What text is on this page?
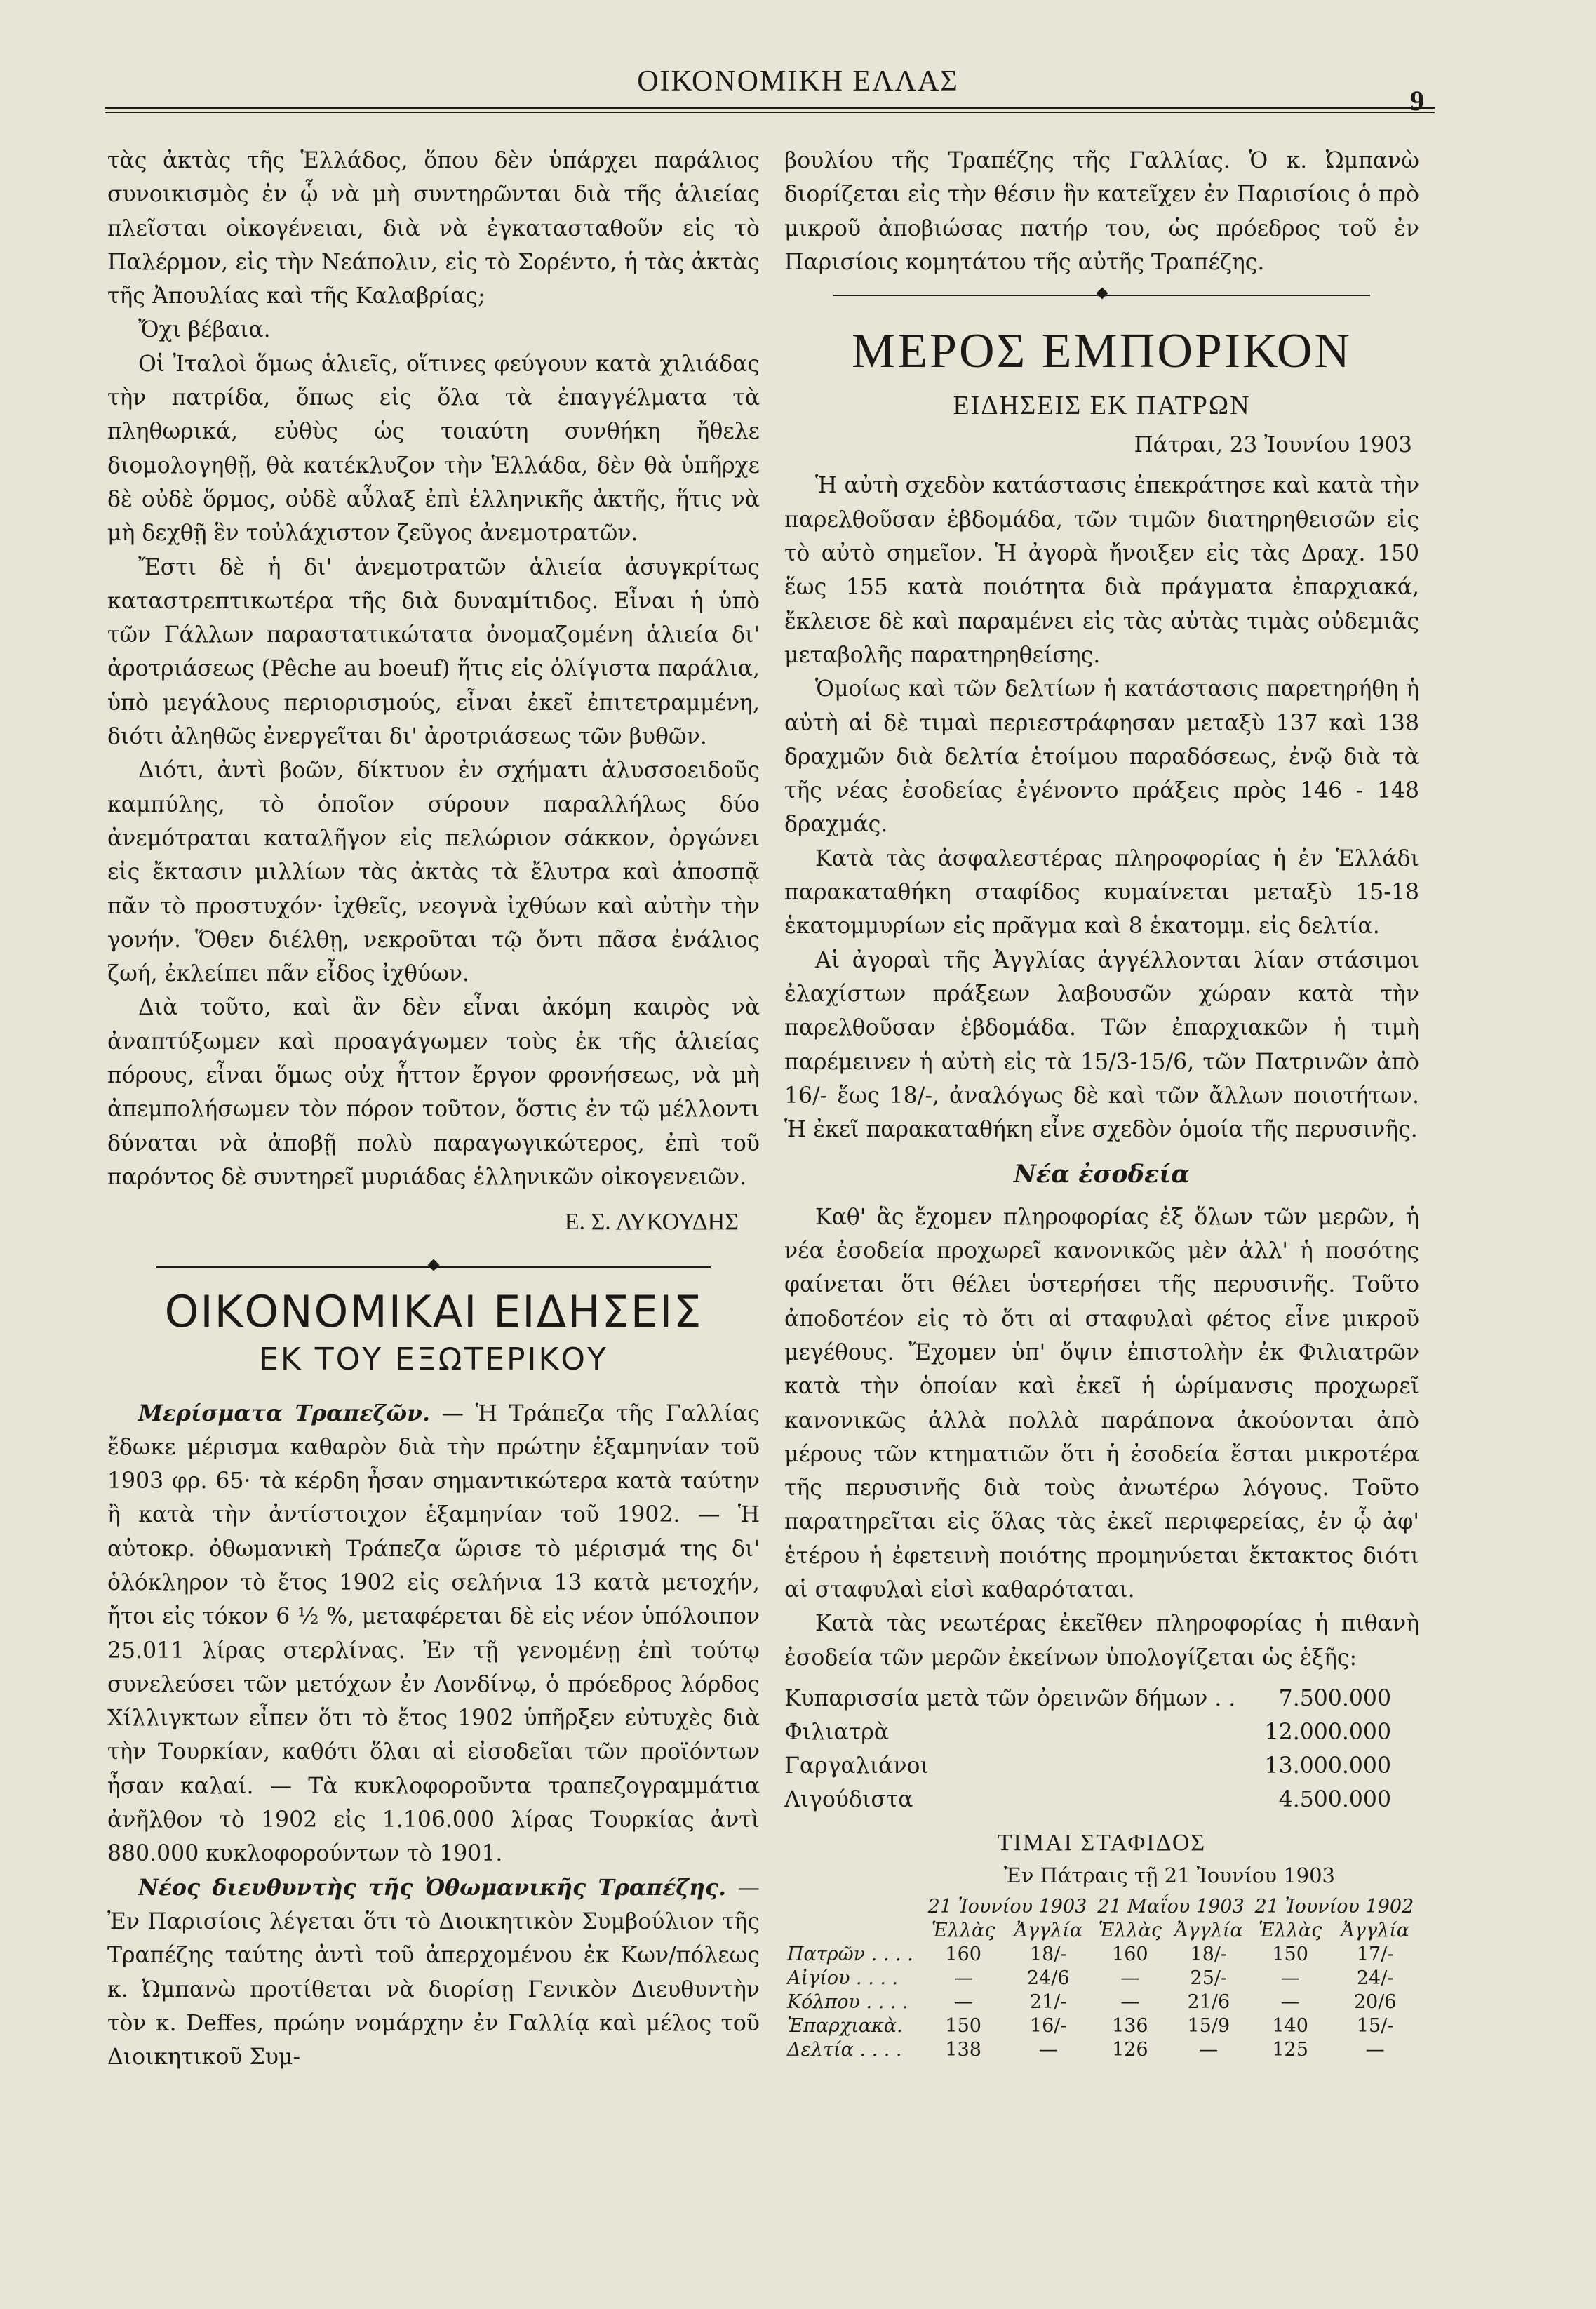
ΟΙΚΟΝΟΜΙΚΗ ΕΛΛΑΣ
9

τὰς ἀκτὰς τῆς Ἑλλάδος, ὅπου δὲν ὑπάρχει παράλιος συνοικισμὸς ἐν ᾧ νὰ μὴ συντηρῶνται διὰ τῆς ἁλιείας πλεῖσται οἰκογένειαι, διὰ νὰ ἐγκατασταθοῦν εἰς τὸ Παλέρμον, εἰς τὴν Νεάπολιν, εἰς τὸ Σορέντο, ἡ τὰς ἀκτὰς τῆς Ἀπουλίας καὶ τῆς Καλαβρίας;

Ὄχι βέβαια.

Οἱ Ἰταλοὶ ὅμως ἁλιεῖς, οἵτινες φεύγουν κατὰ χιλιάδας τὴν πατρίδα, ὅπως εἰς ὅλα τὰ ἐπαγγέλματα τὰ πληθωρικά, εὐθὺς ὡς τοιαύτη συνθήκη ἤθελε διομολογηθῇ, θὰ κατέκλυζον τὴν Ἑλλάδα, δὲν θὰ ὑπῆρχε δὲ οὐδὲ ὅρμος, οὐδὲ αὖλαξ ἐπὶ ἑλληνικῆς ἀκτῆς, ἥτις νὰ μὴ δεχθῇ ἓν τοὐλάχιστον ζεῦγος ἀνεμοτρατῶν.

Ἔστι δὲ ἡ δι' ἀνεμοτρατῶν ἁλιεία ἀσυγκρίτως καταστρεπτικωτέρα τῆς διὰ δυναμίτιδος. Εἶναι ἡ ὑπὸ τῶν Γάλλων παραστατικώτατα ὀνομαζομένη ἁλιεία δι' ἀροτριάσεως (Pêche au boeuf) ἥτις εἰς ὀλίγιστα παράλια, ὑπὸ μεγάλους περιορισμούς, εἶναι ἐκεῖ ἐπιτετραμμένη, διότι ἀληθῶς ἐνεργεῖται δι' ἀροτριάσεως τῶν βυθῶν.

Διότι, ἀντὶ βοῶν, δίκτυον ἐν σχήματι ἀλυσσοειδοῦς καμπύλης, τὸ ὁποῖον σύρουν παραλλήλως δύο ἀνεμότραται καταλῆγον εἰς πελώριον σάκκον, ὀργώνει εἰς ἔκτασιν μιλλίων τὰς ἀκτὰς τὰ ἔλυτρα καὶ ἀποσπᾷ πᾶν τὸ προστυχόν· ἰχθεῖς, νεογνὰ ἰχθύων καὶ αὐτὴν τὴν γονήν. Ὅθεν διέλθῃ, νεκροῦται τῷ ὄντι πᾶσα ἐνάλιος ζωή, ἐκλείπει πᾶν εἶδος ἰχθύων.

Διὰ τοῦτο, καὶ ἂν δὲν εἶναι ἀκόμη καιρὸς νὰ ἀναπτύξωμεν καὶ προαγάγωμεν τοὺς ἐκ τῆς ἁλιείας πόρους, εἶναι ὅμως οὐχ ἧττον ἔργον φρονήσεως, νὰ μὴ ἀπεμπολήσωμεν τὸν πόρον τοῦτον, ὅστις ἐν τῷ μέλλοντι δύναται νὰ ἀποβῇ πολὺ παραγωγικώτερος, ἐπὶ τοῦ παρόντος δὲ συντηρεῖ μυριάδας ἑλληνικῶν οἰκογενειῶν.

Ε. Σ. ΛΥΚΟΥΔΗΣ

ΟΙΚΟΝΟΜΙΚΑΙ ΕΙΔΗΣΕΙΣ
ΕΚ ΤΟΥ ΕΞΩΤΕΡΙΚΟΥ

Μερίσματα Τραπεζῶν. — Ἡ Τράπεζα τῆς Γαλλίας ἔδωκε μέρισμα καθαρὸν διὰ τὴν πρώτην ἑξαμηνίαν τοῦ 1903 φρ. 65· τὰ κέρδη ἦσαν σημαντικώτερα κατὰ ταύτην ἢ κατὰ τὴν ἀντίστοιχον ἑξαμηνίαν τοῦ 1902. — Ἡ αὐτοκρ. ὀθωμανικὴ Τράπεζα ὥρισε τὸ μέρισμά της δι' ὁλόκληρον τὸ ἔτος 1902 εἰς σελήνια 13 κατὰ μετοχήν, ἤτοι εἰς τόκον 6 ½ %, μεταφέρεται δὲ εἰς νέον ὑπόλοιπον 25.011 λίρας στερλίνας. Ἐν τῇ γενομένῃ ἐπὶ τούτῳ συνελεύσει τῶν μετόχων ἐν Λονδίνῳ, ὁ πρόεδρος λόρδος Χίλλιγκτων εἶπεν ὅτι τὸ ἔτος 1902 ὑπῆρξεν εὐτυχὲς διὰ τὴν Τουρκίαν, καθότι ὅλαι αἱ εἰσοδεῖαι τῶν προϊόντων ἦσαν καλαί. — Τὰ κυκλοφοροῦντα τραπεζογραμμάτια ἀνῆλθον τὸ 1902 εἰς 1.106.000 λίρας Τουρκίας ἀντὶ 880.000 κυκλοφορούντων τὸ 1901.

Νέος διευθυντὴς τῆς Ὀθωμανικῆς Τραπέζης. — Ἐν Παρισίοις λέγεται ὅτι τὸ Διοικητικὸν Συμβούλιον τῆς Τραπέζης ταύτης ἀντὶ τοῦ ἀπερχομένου ἐκ Κων/πόλεως κ. Ὠμπανὼ προτίθεται νὰ διορίσῃ Γενικὸν Διευθυντὴν τὸν κ. Deffes, πρώην νομάρχην ἐν Γαλλίᾳ καὶ μέλος τοῦ Διοικητικοῦ Συμ-

βουλίου τῆς Τραπέζης τῆς Γαλλίας. Ὁ κ. Ὠμπανὼ διορίζεται εἰς τὴν θέσιν ἣν κατεῖχεν ἐν Παρισίοις ὁ πρὸ μικροῦ ἀποβιώσας πατήρ του, ὡς πρόεδρος τοῦ ἐν Παρισίοις κομητάτου τῆς αὐτῆς Τραπέζης.

ΜΕΡΟΣ ΕΜΠΟΡΙΚΟΝ
ΕΙΔΗΣΕΙΣ ΕΚ ΠΑΤΡΩΝ

Πάτραι, 23 Ἰουνίου 1903

Ἡ αὐτὴ σχεδὸν κατάστασις ἐπεκράτησε καὶ κατὰ τὴν παρελθοῦσαν ἑβδομάδα, τῶν τιμῶν διατηρηθεισῶν εἰς τὸ αὐτὸ σημεῖον. Ἡ ἀγορὰ ἤνοιξεν εἰς τὰς Δραχ. 150 ἕως 155 κατὰ ποιότητα διὰ πράγματα ἐπαρχιακά, ἔκλεισε δὲ καὶ παραμένει εἰς τὰς αὐτὰς τιμὰς οὐδεμιᾶς μεταβολῆς παρατηρηθείσης.

Ὁμοίως καὶ τῶν δελτίων ἡ κατάστασις παρετηρήθη ἡ αὐτὴ αἱ δὲ τιμαὶ περιεστράφησαν μεταξὺ 137 καὶ 138 δραχμῶν διὰ δελτία ἑτοίμου παραδόσεως, ἐνῷ διὰ τὰ τῆς νέας ἐσοδείας ἐγένοντο πράξεις πρὸς 146 - 148 δραχμάς.

Κατὰ τὰς ἀσφαλεστέρας πληροφορίας ἡ ἐν Ἑλλάδι παρακαταθήκη σταφίδος κυμαίνεται μεταξὺ 15-18 ἑκατομμυρίων εἰς πρᾶγμα καὶ 8 ἑκατομμ. εἰς δελτία.

Αἱ ἀγοραὶ τῆς Ἀγγλίας ἀγγέλλονται λίαν στάσιμοι ἐλαχίστων πράξεων λαβουσῶν χώραν κατὰ τὴν παρελθοῦσαν ἑβδομάδα. Τῶν ἐπαρχιακῶν ἡ τιμὴ παρέμεινεν ἡ αὐτὴ εἰς τὰ 15/3-15/6, τῶν Πατρινῶν ἀπὸ 16/- ἕως 18/-, ἀναλόγως δὲ καὶ τῶν ἄλλων ποιοτήτων. Ἡ ἐκεῖ παρακαταθήκη εἶνε σχεδὸν ὁμοία τῆς περυσινῆς.

Νέα ἐσοδεία

Καθ' ἃς ἔχομεν πληροφορίας ἐξ ὅλων τῶν μερῶν, ἡ νέα ἐσοδεία προχωρεῖ κανονικῶς μὲν ἀλλ' ἡ ποσότης φαίνεται ὅτι θέλει ὑστερήσει τῆς περυσινῆς. Τοῦτο ἀποδοτέον εἰς τὸ ὅτι αἱ σταφυλαὶ φέτος εἶνε μικροῦ μεγέθους. Ἔχομεν ὑπ' ὄψιν ἐπιστολὴν ἐκ Φιλιατρῶν κατὰ τὴν ὁποίαν καὶ ἐκεῖ ἡ ὡρίμανσις προχωρεῖ κανονικῶς ἀλλὰ πολλὰ παράπονα ἀκούονται ἀπὸ μέρους τῶν κτηματιῶν ὅτι ἡ ἐσοδεία ἔσται μικροτέρα τῆς περυσινῆς διὰ τοὺς ἀνωτέρω λόγους. Τοῦτο παρατηρεῖται εἰς ὅλας τὰς ἐκεῖ περιφερείας, ἐν ᾧ ἀφ' ἑτέρου ἡ ἐφετεινὴ ποιότης προμηνύεται ἔκτακτος διότι αἱ σταφυλαὶ εἰσὶ καθαρόταται.

Κατὰ τὰς νεωτέρας ἐκεῖθεν πληροφορίας ἡ πιθανὴ ἐσοδεία τῶν μερῶν ἐκείνων ὑπολογίζεται ὡς ἑξῆς:

Κυπαρισσία μετὰ τῶν ὀρεινῶν δήμων . .	7.500.000
Φιλιατρὰ	12.000.000
Γαργαλιάνοι	13.000.000
Λιγούδιστα	4.500.000
ΤΙΜΑΙ ΣΤΑΦΙΔΟΣ
Ἐν Πάτραις τῇ 21 Ἰουνίου 1903
	21 Ἰουνίου 1903		21 Μαΐου 1903		21 Ἰουνίου 1902	
	Ἑλλὰς	Ἀγγλία	Ἑλλὰς	Ἀγγλία	Ἑλλὰς	Ἀγγλία
Πατρῶν . . . .	160	18/-	160	18/-	150	17/-
Αἰγίου . . . .	—	24/6	—	25/-	—	24/-
Κόλπου . . . .	—	21/-	—	21/6	—	20/6
Ἐπαρχιακὰ.	150	16/-	136	15/9	140	15/-
Δελτία . . . .	138	—	126	—	125	—
